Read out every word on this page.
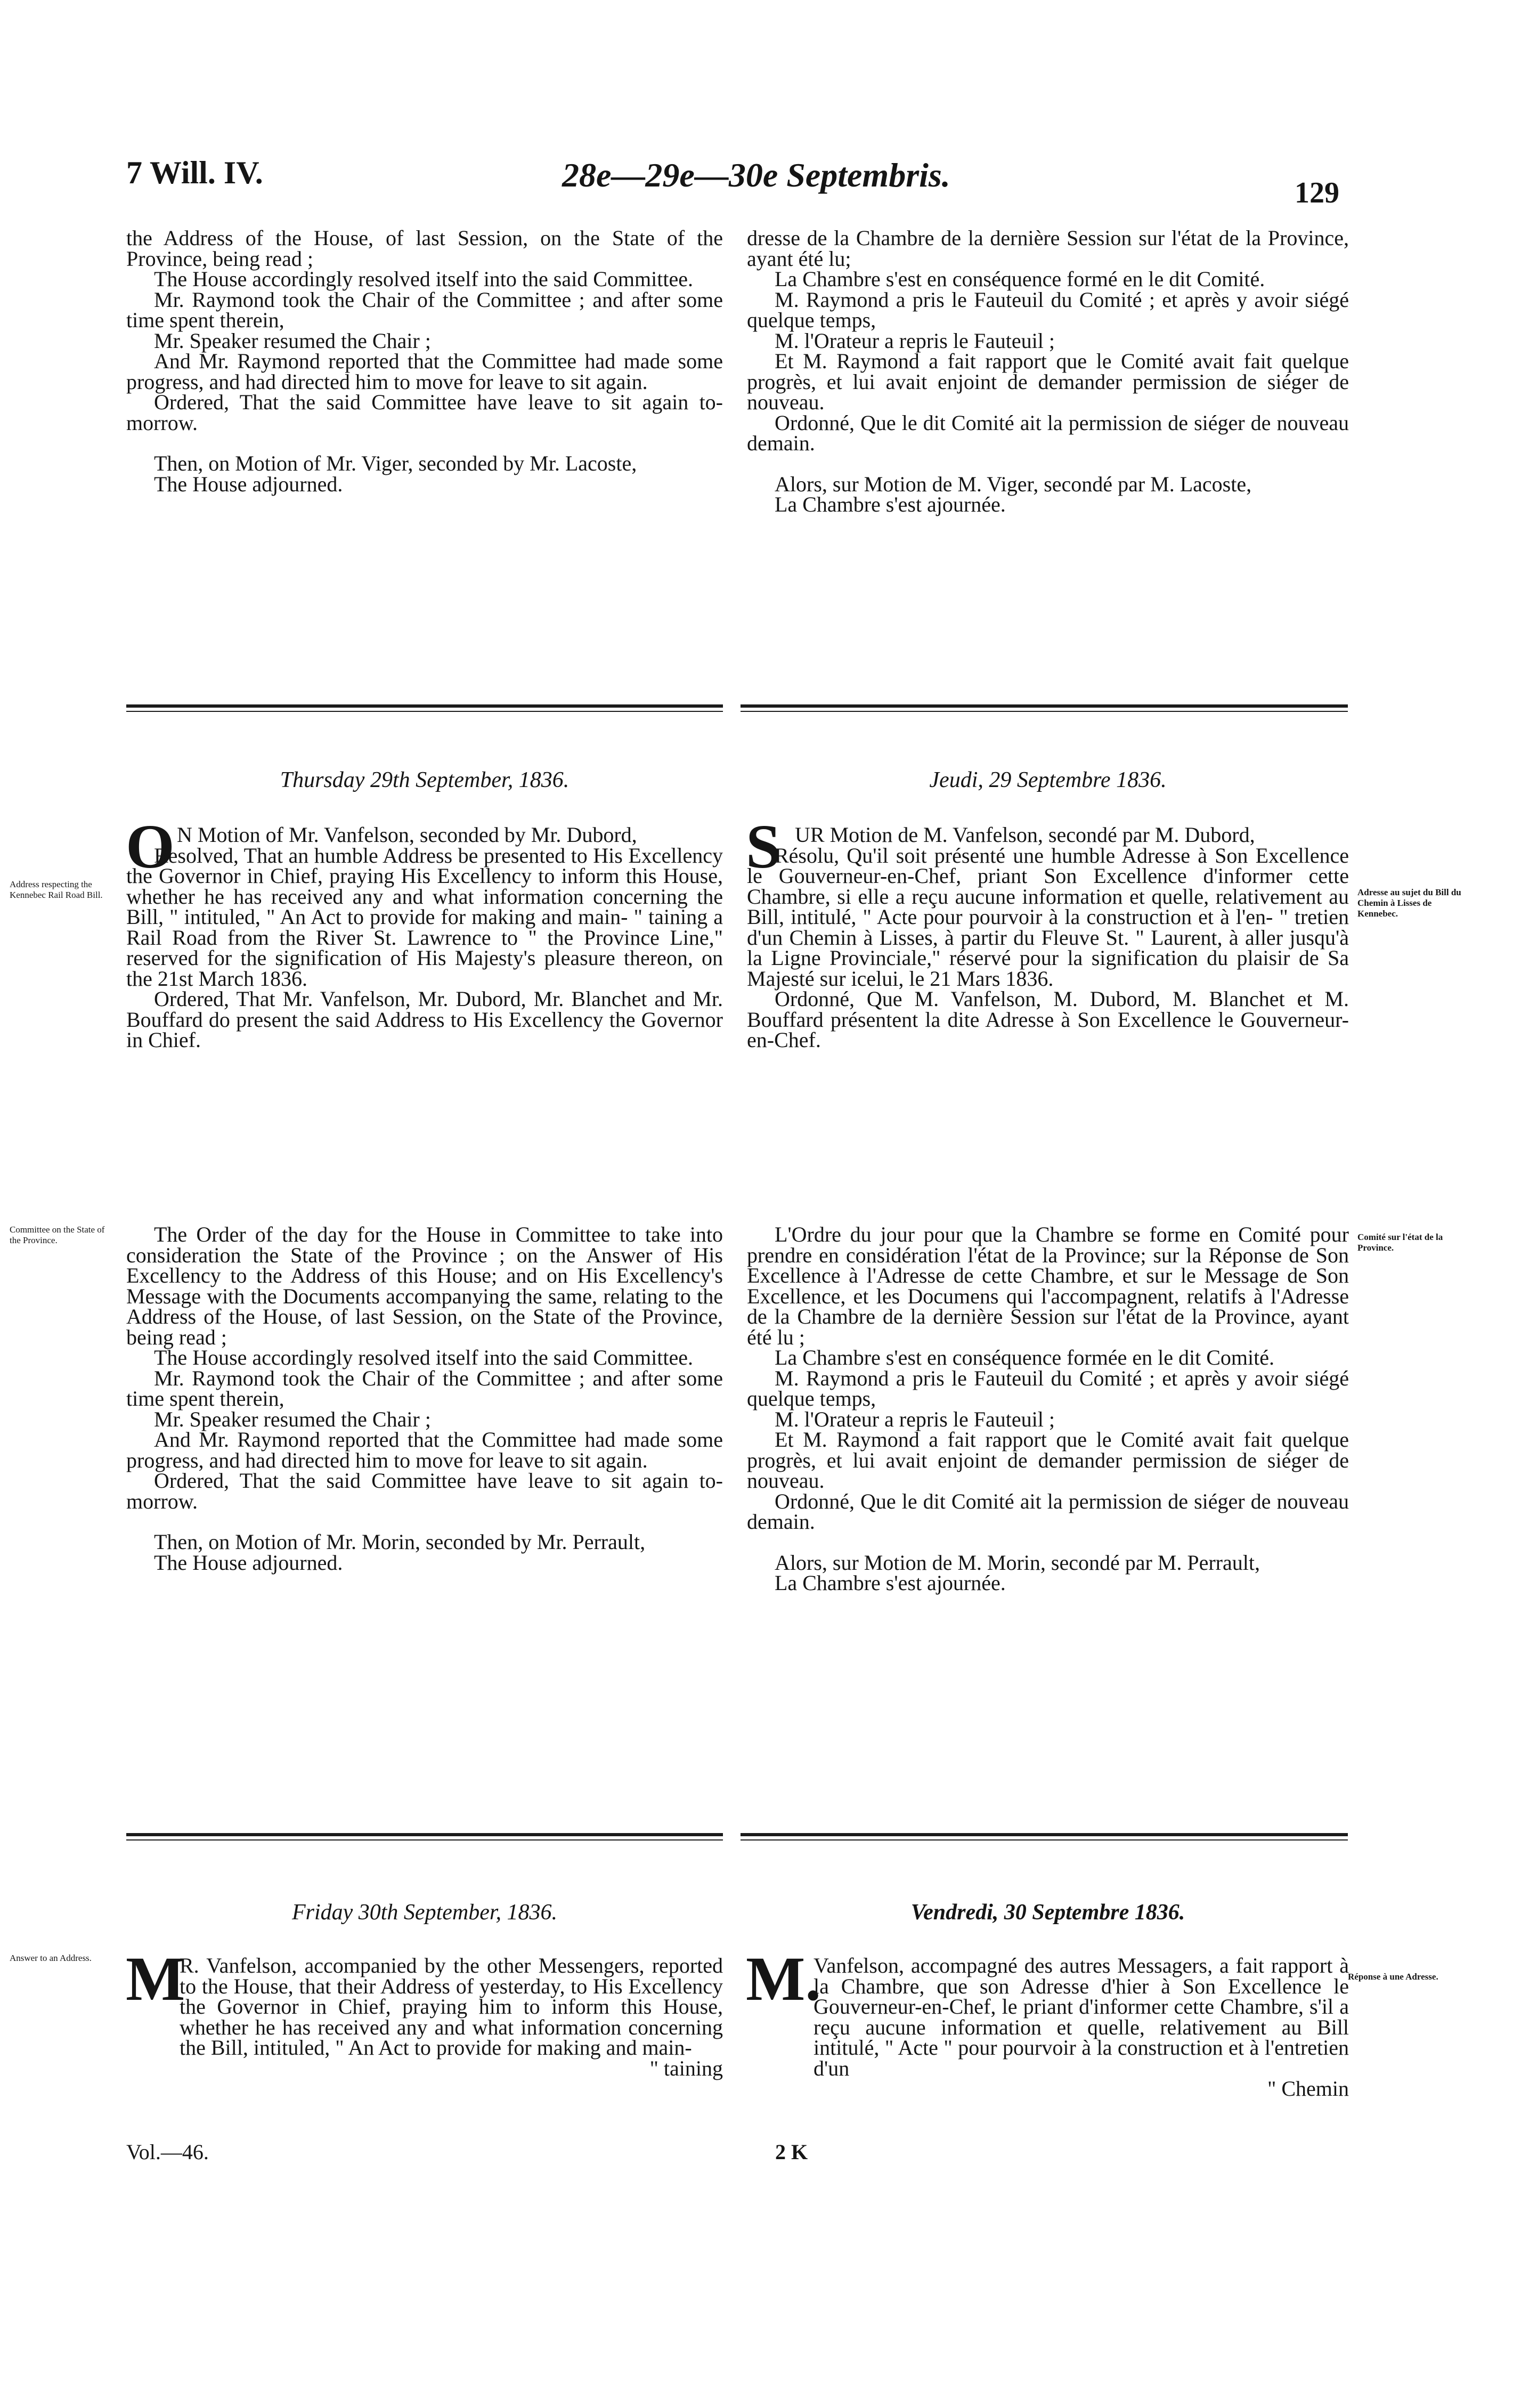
7 Will. IV.	28e—29e—30e Septembris.	129

the Address of the House, of last Session, on the State of the Province, being read ;

The House accordingly resolved itself into the said Committee.

Mr. Raymond took the Chair of the Committee ; and after some time spent therein,

Mr. Speaker resumed the Chair ;

And Mr. Raymond reported that the Committee had made some progress, and had directed him to move for leave to sit again.

Ordered, That the said Committee have leave to sit again to-morrow.

Then, on Motion of Mr. Viger, seconded by Mr. Lacoste,

The House adjourned.

dresse de la Chambre de la dernière Session sur l'état de la Province, ayant été lu;

La Chambre s'est en conséquence formé en le dit Comité.

M. Raymond a pris le Fauteuil du Comité ; et après y avoir siégé quelque temps,

M. l'Orateur a repris le Fauteuil ;

Et M. Raymond a fait rapport que le Comité avait fait quelque progrès, et lui avait enjoint de demander permission de siéger de nouveau.

Ordonné, Que le dit Comité ait la permission de siéger de nouveau demain.

Alors, sur Motion de M. Viger, secondé par M. Lacoste,

La Chambre s'est ajournée.

Thursday 29th September, 1836.	Jeudi, 29 Septembre 1836.
Address respecting the Kennebec Rail Road Bill.	Adresse au sujet du Bill du Chemin à Lisses de Kennebec.
O N Motion of Mr. Vanfelson, seconded by Mr. Dubord,

Resolved, That an humble Address be presented to His Excellency the Governor in Chief, praying His Excellency to inform this House, whether he has received any and what information concerning the Bill, " intituled, " An Act to provide for making and main- " taining a Rail Road from the River St. Lawrence to " the Province Line," reserved for the signification of His Majesty's pleasure thereon, on the 21st March 1836.

Ordered, That Mr. Vanfelson, Mr. Dubord, Mr. Blanchet and Mr. Bouffard do present the said Address to His Excellency the Governor in Chief.

S UR Motion de M. Vanfelson, secondé par M. Dubord,

Résolu, Qu'il soit présenté une humble Adresse à Son Excellence le Gouverneur-en-Chef, priant Son Excellence d'informer cette Chambre, si elle a reçu aucune information et quelle, relativement au Bill, intitulé, " Acte pour pourvoir à la construction et à l'en- " tretien d'un Chemin à Lisses, à partir du Fleuve St. " Laurent, à aller jusqu'à la Ligne Provinciale," réservé pour la signification du plaisir de Sa Majesté sur icelui, le 21 Mars 1836.

Ordonné, Que M. Vanfelson, M. Dubord, M. Blanchet et M. Bouffard présentent la dite Adresse à Son Excellence le Gouverneur-en-Chef.

Committee on the State of the Province.	Comité sur l'état de la Province.

The Order of the day for the House in Committee to take into consideration the State of the Province ; on the Answer of His Excellency to the Address of this House; and on His Excellency's Message with the Documents accompanying the same, relating to the Address of the House, of last Session, on the State of the Province, being read ;

The House accordingly resolved itself into the said Committee.

Mr. Raymond took the Chair of the Committee ; and after some time spent therein,

Mr. Speaker resumed the Chair ;

And Mr. Raymond reported that the Committee had made some progress, and had directed him to move for leave to sit again.

Ordered, That the said Committee have leave to sit again to-morrow.

Then, on Motion of Mr. Morin, seconded by Mr. Perrault,

The House adjourned.

L'Ordre du jour pour que la Chambre se forme en Comité pour prendre en considération l'état de la Province; sur la Réponse de Son Excellence à l'Adresse de cette Chambre, et sur le Message de Son Excellence, et les Documens qui l'accompagnent, relatifs à l'Adresse de la Chambre de la dernière Session sur l'état de la Province, ayant été lu ;

La Chambre s'est en conséquence formée en le dit Comité.

M. Raymond a pris le Fauteuil du Comité ; et après y avoir siégé quelque temps,

M. l'Orateur a repris le Fauteuil ;

Et M. Raymond a fait rapport que le Comité avait fait quelque progrès, et lui avait enjoint de demander permission de siéger de nouveau.

Ordonné, Que le dit Comité ait la permission de siéger de nouveau demain.

Alors, sur Motion de M. Morin, secondé par M. Perrault,

La Chambre s'est ajournée.

Friday 30th September, 1836.	Vendredi, 30 Septembre 1836.
Answer to an Address.
Réponse à une Adresse.
M

R. Vanfelson, accompanied by the other Messengers, reported to the House, that their Address of yesterday, to His Excellency the Governor in Chief, praying him to inform this House, whether he has received any and what information concerning the Bill, intituled, " An Act to provide for making and main-

" taining

M.

Vanfelson, accompagné des autres Messagers, a fait rapport à la Chambre, que son Adresse d'hier à Son Excellence le Gouverneur-en-Chef, le priant d'informer cette Chambre, s'il a reçu aucune information et quelle, relativement au Bill intitulé, " Acte " pour pourvoir à la construction et à l'entretien d'un

" Chemin

Vol.—46.	2 K
